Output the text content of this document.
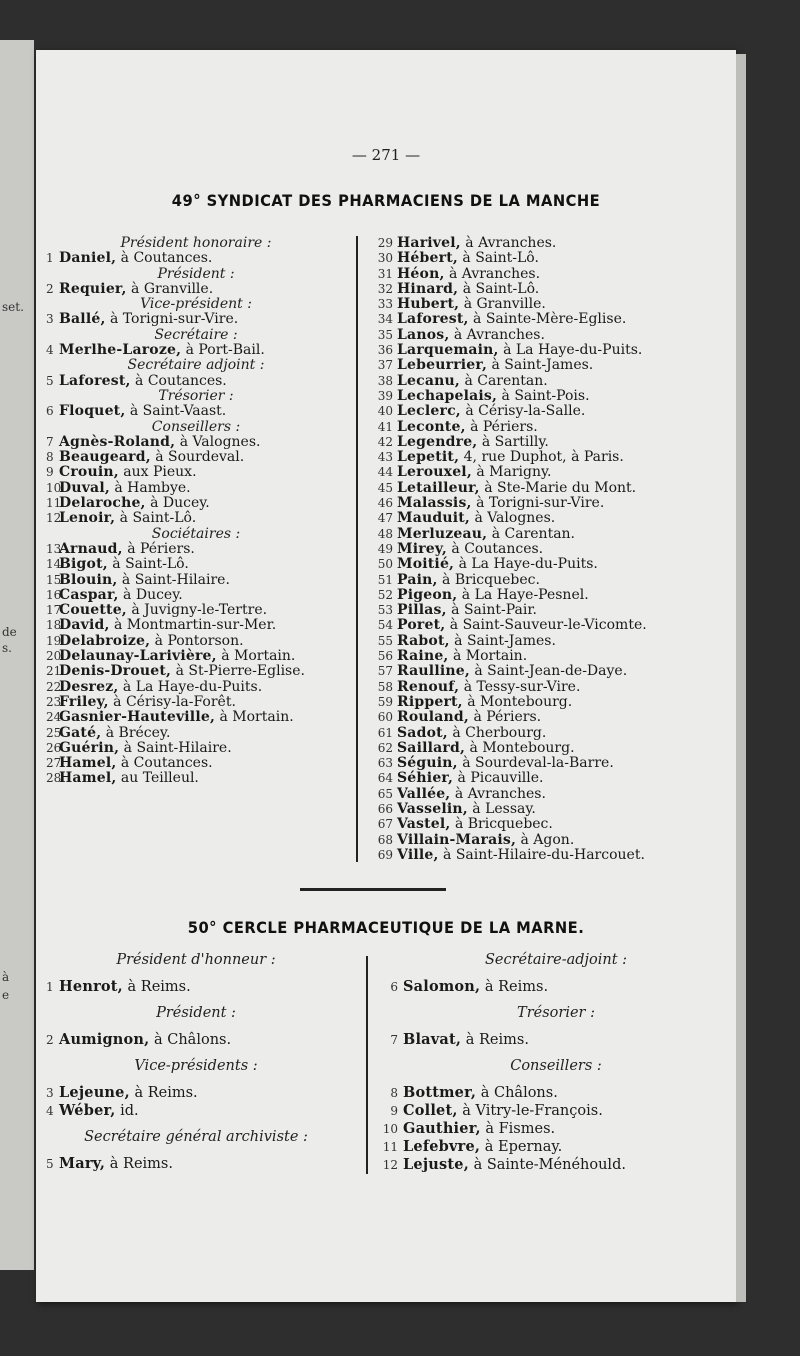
set.
de
s.
à
e
— 271 —
49° SYNDICAT DES PHARMACIENS DE LA MANCHE
Président honoraire :
1 Daniel, à Coutances.
Président :
2 Requier, à Granville.
Vice-président :
3 Ballé, à Torigni-sur-Vire.
Secrétaire :
4 Merlhe-Laroze, à Port-Bail.
Secrétaire adjoint :
5 Laforest, à Coutances.
Trésorier :
6 Floquet, à Saint-Vaast.
Conseillers :
7 Agnès-Roland, à Valognes.
8 Beaugeard, à Sourdeval.
9 Crouin, aux Pieux.
10Duval, à Hambye.
11Delaroche, à Ducey.
12Lenoir, à Saint-Lô.
Sociétaires :
13Arnaud, à Périers.
14Bigot, à Saint-Lô.
15Blouin, à Saint-Hilaire.
16Caspar, à Ducey.
17Couette, à Juvigny-le-Tertre.
18David, à Montmartin-sur-Mer.
19Delabroize, à Pontorson.
20Delaunay-Larivière, à Mortain.
21Denis-Drouet, à St-Pierre-Eglise.
22Desrez, à La Haye-du-Puits.
23Friley, à Cérisy-la-Forêt.
24Gasnier-Hauteville, à Mortain.
25Gaté, à Brécey.
26Guérin, à Saint-Hilaire.
27Hamel, à Coutances.
28Hamel, au Teilleul.
29 Harivel, à Avranches.
30 Hébert, à Saint-Lô.
31 Héon, à Avranches.
32 Hinard, à Saint-Lô.
33 Hubert, à Granville.
34 Laforest, à Sainte-Mère-Eglise.
35 Lanos, à Avranches.
36 Larquemain, à La Haye-du-Puits.
37 Lebeurrier, à Saint-James.
38 Lecanu, à Carentan.
39 Lechapelais, à Saint-Pois.
40 Leclerc, à Cérisy-la-Salle.
41 Leconte, à Périers.
42 Legendre, à Sartilly.
43 Lepetit, 4, rue Duphot, à Paris.
44 Lerouxel, à Marigny.
45 Letailleur, à Ste-Marie du Mont.
46 Malassis, à Torigni-sur-Vire.
47 Mauduit, à Valognes.
48 Merluzeau, à Carentan.
49 Mirey, à Coutances.
50 Moitié, à La Haye-du-Puits.
51 Pain, à Bricquebec.
52 Pigeon, à La Haye-Pesnel.
53 Pillas, à Saint-Pair.
54 Poret, à Saint-Sauveur-le-Vicomte.
55 Rabot, à Saint-James.
56 Raine, à Mortain.
57 Raulline, à Saint-Jean-de-Daye.
58 Renouf, à Tessy-sur-Vire.
59 Rippert, à Montebourg.
60 Rouland, à Périers.
61 Sadot, à Cherbourg.
62 Saillard, à Montebourg.
63 Séguin, à Sourdeval-la-Barre.
64 Séhier, à Picauville.
65 Vallée, à Avranches.
66 Vasselin, à Lessay.
67 Vastel, à Bricquebec.
68 Villain-Marais, à Agon.
69 Ville, à Saint-Hilaire-du-Harcouet.
50° CERCLE PHARMACEUTIQUE DE LA MARNE.
Président d'honneur :
1 Henrot, à Reims.
Président :
2 Aumignon, à Châlons.
Vice-présidents :
3 Lejeune, à Reims.
4 Wéber, id.
Secrétaire général archiviste :
5 Mary, à Reims.
Secrétaire-adjoint :
6 Salomon, à Reims.
Trésorier :
7 Blavat, à Reims.
Conseillers :
8 Bottmer, à Châlons.
9 Collet, à Vitry-le-François.
10 Gauthier, à Fismes.
11 Lefebvre, à Epernay.
12 Lejuste, à Sainte-Ménéhould.
